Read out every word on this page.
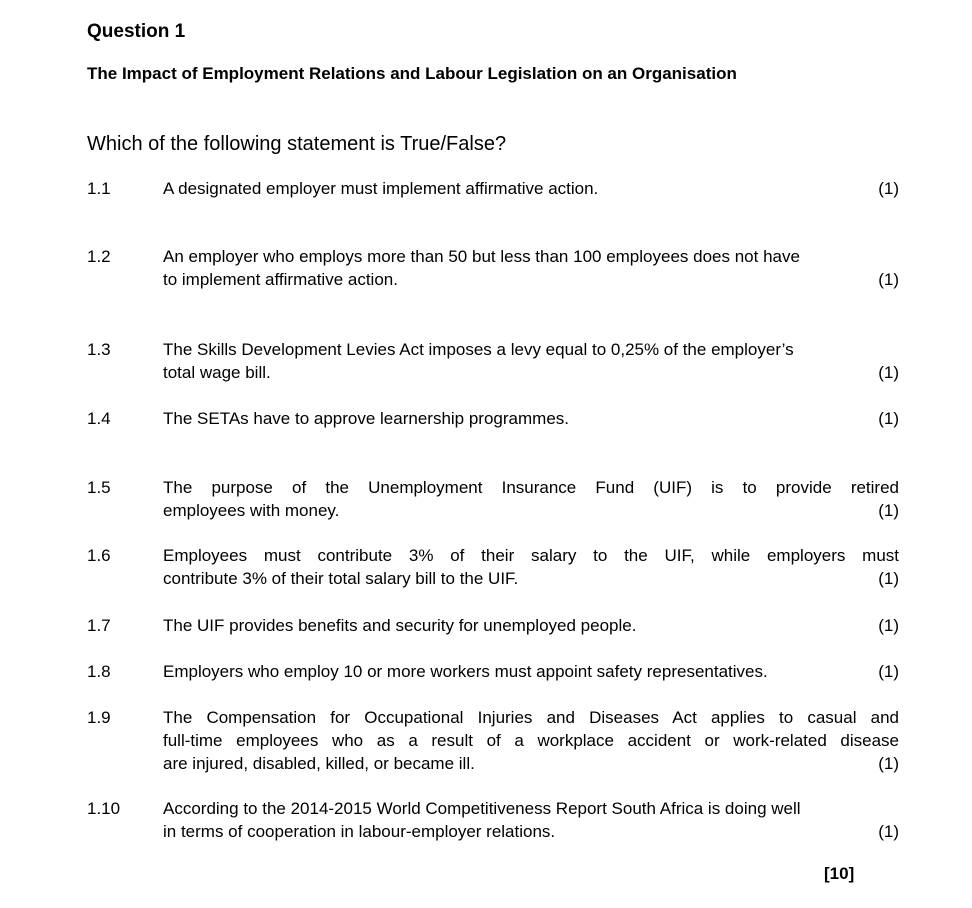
Question 1
The Impact of Employment Relations and Labour Legislation on an Organisation
Which of the following statement is True/False?
1.1	A designated employer must implement affirmative action.	(1)
1.2	An employer who employs more than 50 but less than 100 employees does not have
to implement affirmative action.	(1)
1.3	The Skills Development Levies Act imposes a levy equal to 0,25% of the employer’s
total wage bill.	(1)
1.4	The SETAs have to approve learnership programmes.	(1)
1.5	The purpose of the Unemployment Insurance Fund (UIF) is to provide retired
employees with money.	(1)
1.6	Employees must contribute 3% of their salary to the UIF, while employers must
contribute 3% of their total salary bill to the UIF.	(1)
1.7	The UIF provides benefits and security for unemployed people.	(1)
1.8	Employers who employ 10 or more workers must appoint safety representatives.	(1)
1.9	The Compensation for Occupational Injuries and Diseases Act applies to casual and
full-time employees who as a result of a workplace accident or work-related disease
are injured, disabled, killed, or became ill.	(1)
1.10	According to the 2014-2015 World Competitiveness Report South Africa is doing well
in terms of cooperation in labour-employer relations.	(1)
[10]
